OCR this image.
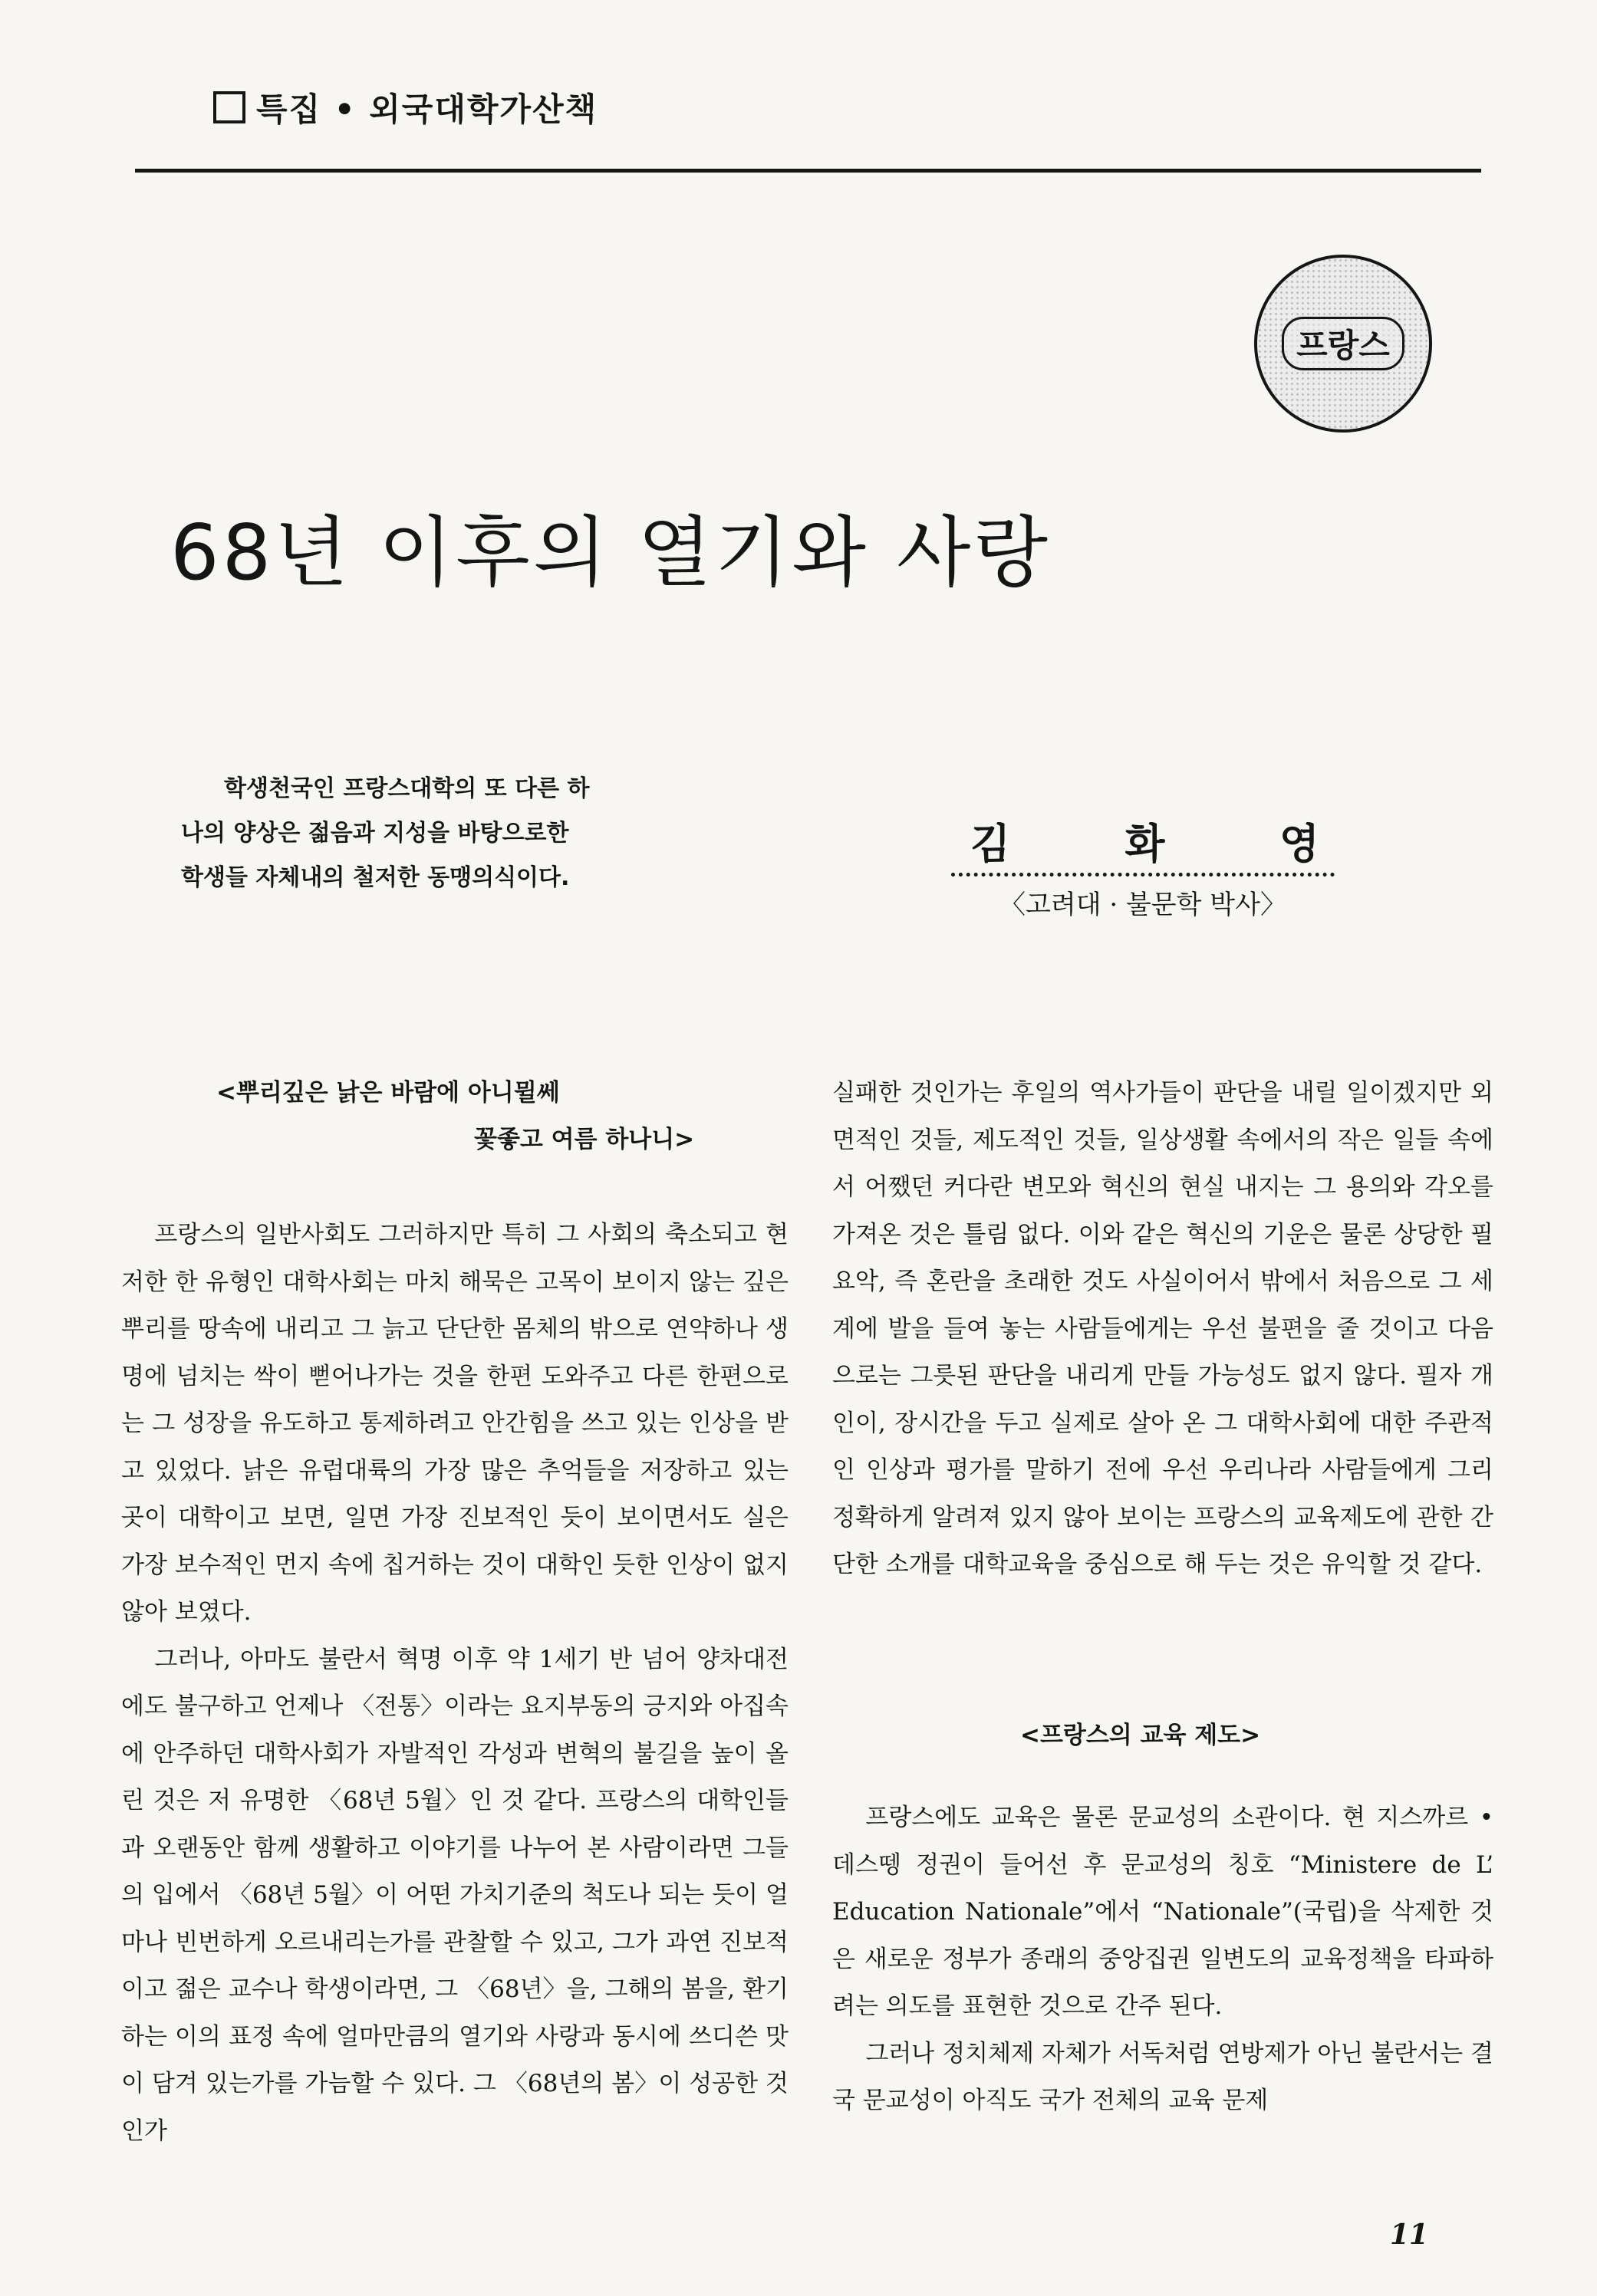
특집 • 외국대학가산책
프랑스
68년 이후의 열기와 사랑
학생천국인 프랑스대학의 또 다른 하
나의 양상은 젊음과 지성을 바탕으로한
학생들 자체내의 철저한 동맹의식이다.
김	화	영
〈고려대 · 불문학 박사〉
<뿌리깊은 낡은 바람에 아니뮐쎄
꽃좋고 여름 하나니>

프랑스의 일반사회도 그러하지만 특히 그 사회의 축소되고 현저한 한 유형인 대학사회는 마치 해묵은 고목이 보이지 않는 깊은 뿌리를 땅속에 내리고 그 늙고 단단한 몸체의 밖으로 연약하나 생명에 넘치는 싹이 뻗어나가는 것을 한편 도와주고 다른 한편으로는 그 성장을 유도하고 통제하려고 안간힘을 쓰고 있는 인상을 받고 있었다. 낡은 유럽대륙의 가장 많은 추억들을 저장하고 있는 곳이 대학이고 보면, 일면 가장 진보적인 듯이 보이면서도 실은 가장 보수적인 먼지 속에 칩거하는 것이 대학인 듯한 인상이 없지 않아 보였다.

그러나, 아마도 불란서 혁명 이후 약 1세기 반 넘어 양차대전에도 불구하고 언제나 〈전통〉이라는 요지부동의 긍지와 아집속에 안주하던 대학사회가 자발적인 각성과 변혁의 불길을 높이 올린 것은 저 유명한 〈68년 5월〉인 것 같다. 프랑스의 대학인들과 오랜동안 함께 생활하고 이야기를 나누어 본 사람이라면 그들의 입에서 〈68년 5월〉이 어떤 가치기준의 척도나 되는 듯이 얼마나 빈번하게 오르내리는가를 관찰할 수 있고, 그가 과연 진보적이고 젊은 교수나 학생이라면, 그 〈68년〉을, 그해의 봄을, 환기하는 이의 표정 속에 얼마만큼의 열기와 사랑과 동시에 쓰디쓴 맛이 담겨 있는가를 가늠할 수 있다. 그 〈68년의 봄〉이 성공한 것인가

실패한 것인가는 후일의 역사가들이 판단을 내릴 일이겠지만 외면적인 것들, 제도적인 것들, 일상생활 속에서의 작은 일들 속에서 어쨌던 커다란 변모와 혁신의 현실 내지는 그 용의와 각오를 가져온 것은 틀림 없다. 이와 같은 혁신의 기운은 물론 상당한 필요악, 즉 혼란을 초래한 것도 사실이어서 밖에서 처음으로 그 세계에 발을 들여 놓는 사람들에게는 우선 불편을 줄 것이고 다음으로는 그릇된 판단을 내리게 만들 가능성도 없지 않다. 필자 개인이, 장시간을 두고 실제로 살아 온 그 대학사회에 대한 주관적인 인상과 평가를 말하기 전에 우선 우리나라 사람들에게 그리 정확하게 알려져 있지 않아 보이는 프랑스의 교육제도에 관한 간단한 소개를 대학교육을 중심으로 해 두는 것은 유익할 것 같다.

<프랑스의 교육 제도>

프랑스에도 교육은 물론 문교성의 소관이다. 현 지스까르 • 데스뗑 정권이 들어선 후 문교성의 칭호 “Ministere de L’ Education Nationale”에서 “Nationale”(국립)을 삭제한 것은 새로운 정부가 종래의 중앙집권 일변도의 교육정책을 타파하려는 의도를 표현한 것으로 간주 된다.

그러나 정치체제 자체가 서독처럼 연방제가 아닌 불란서는 결국 문교성이 아직도 국가 전체의 교육 문제

11
